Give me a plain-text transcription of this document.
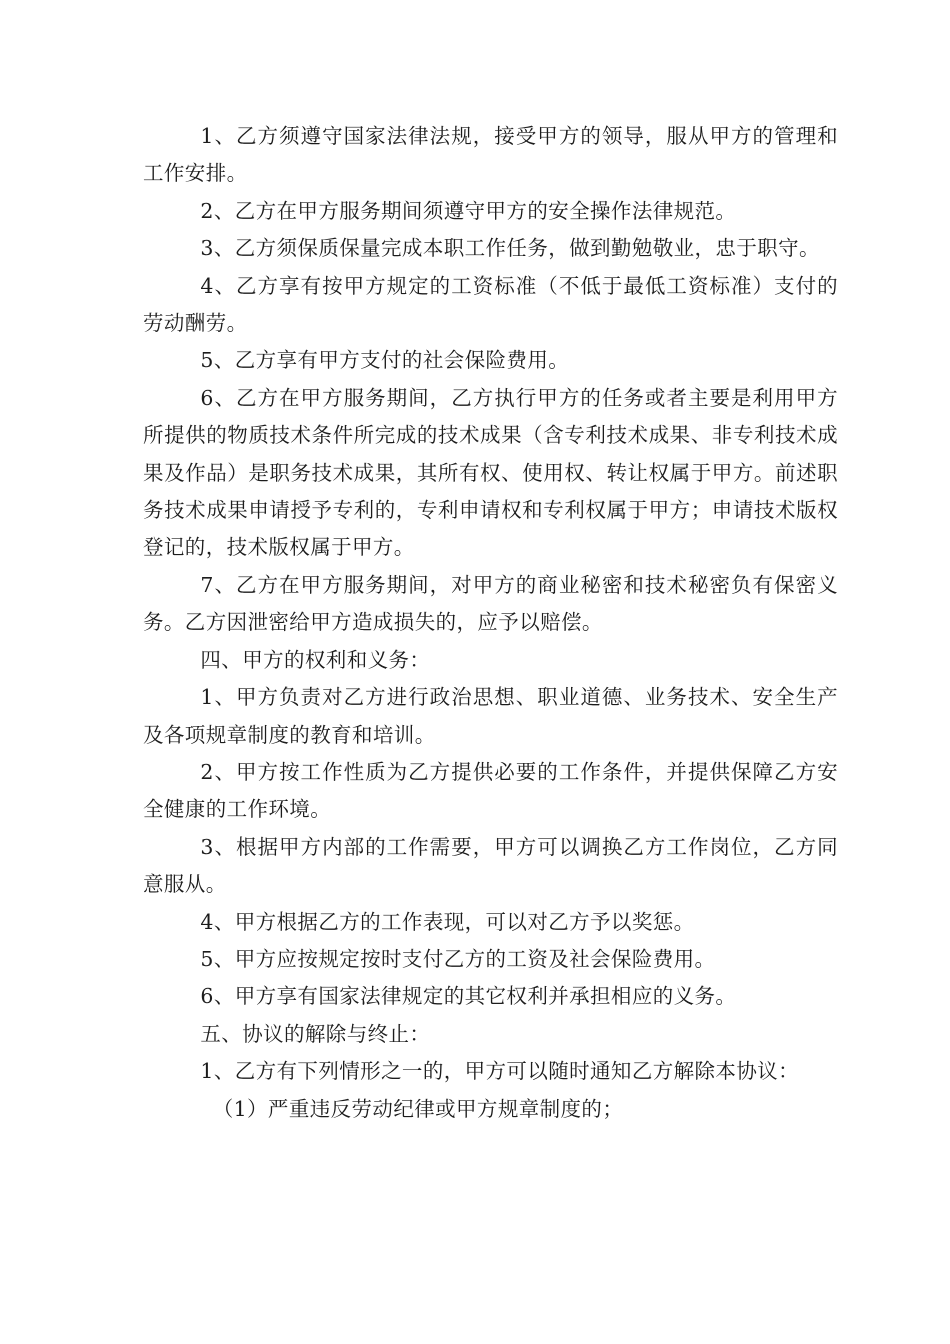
1、乙方须遵守国家法律法规，接受甲方的领导，服从甲方的管理和工作安排。

2、乙方在甲方服务期间须遵守甲方的安全操作法律规范。

3、乙方须保质保量完成本职工作任务，做到勤勉敬业，忠于职守。

4、乙方享有按甲方规定的工资标准（不低于最低工资标准）支付的劳动酬劳。

5、乙方享有甲方支付的社会保险费用。

6、乙方在甲方服务期间，乙方执行甲方的任务或者主要是利用甲方所提供的物质技术条件所完成的技术成果（含专利技术成果、非专利技术成果及作品）是职务技术成果，其所有权、使用权、转让权属于甲方。前述职务技术成果申请授予专利的，专利申请权和专利权属于甲方；申请技术版权登记的，技术版权属于甲方。

7、乙方在甲方服务期间，对甲方的商业秘密和技术秘密负有保密义务。乙方因泄密给甲方造成损失的，应予以赔偿。

四、甲方的权利和义务：

1、甲方负责对乙方进行政治思想、职业道德、业务技术、安全生产及各项规章制度的教育和培训。

2、甲方按工作性质为乙方提供必要的工作条件，并提供保障乙方安全健康的工作环境。

3、根据甲方内部的工作需要，甲方可以调换乙方工作岗位，乙方同意服从。

4、甲方根据乙方的工作表现，可以对乙方予以奖惩。

5、甲方应按规定按时支付乙方的工资及社会保险费用。

6、甲方享有国家法律规定的其它权利并承担相应的义务。

五、协议的解除与终止：

1、乙方有下列情形之一的，甲方可以随时通知乙方解除本协议：

（1）严重违反劳动纪律或甲方规章制度的；
